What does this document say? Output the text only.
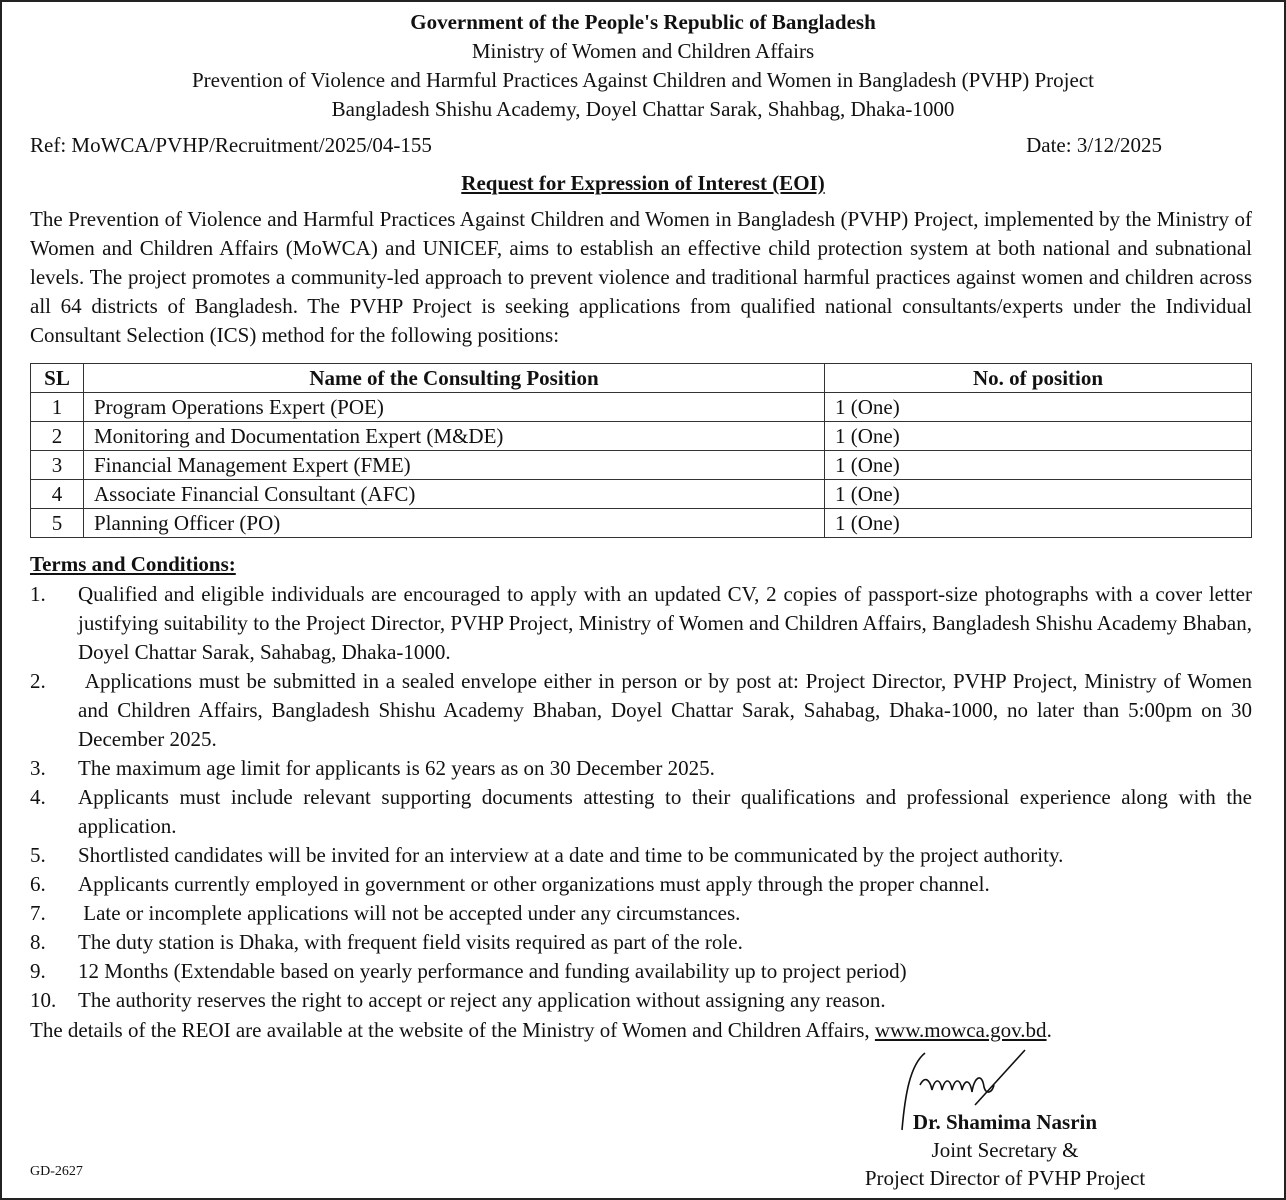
Government of the People's Republic of Bangladesh
Ministry of Women and Children Affairs
Prevention of Violence and Harmful Practices Against Children and Women in Bangladesh (PVHP) Project
Bangladesh Shishu Academy, Doyel Chattar Sarak, Shahbag, Dhaka-1000
Ref: MoWCA/PVHP/Recruitment/2025/04-155	Date: 3/12/2025
Request for Expression of Interest (EOI)
The Prevention of Violence and Harmful Practices Against Children and Women in Bangladesh (PVHP) Project, implemented by the Ministry of Women and Children Affairs (MoWCA) and UNICEF, aims to establish an effective child protection system at both national and subnational levels. The project promotes a community-led approach to prevent violence and traditional harmful practices against women and children across all 64 districts of Bangladesh. The PVHP Project is seeking applications from qualified national consultants/experts under the Individual Consultant Selection (ICS) method for the following positions:
SL	Name of the Consulting Position	No. of position
1	Program Operations Expert (POE)	1 (One)
2	Monitoring and Documentation Expert (M&DE)	1 (One)
3	Financial Management Expert (FME)	1 (One)
4	Associate Financial Consultant (AFC)	1 (One)
5	Planning Officer (PO)	1 (One)
Terms and Conditions:
1.	Qualified and eligible individuals are encouraged to apply with an updated CV, 2 copies of passport-size photographs with a cover letter justifying suitability to the Project Director, PVHP Project, Ministry of Women and Children Affairs, Bangladesh Shishu Academy Bhaban, Doyel Chattar Sarak, Sahabag, Dhaka-1000.
2.	Applications must be submitted in a sealed envelope either in person or by post at: Project Director, PVHP Project, Ministry of Women and Children Affairs, Bangladesh Shishu Academy Bhaban, Doyel Chattar Sarak, Sahabag, Dhaka-1000, no later than 5:00pm on 30 December 2025.
3.	The maximum age limit for applicants is 62 years as on 30 December 2025.
4.	Applicants must include relevant supporting documents attesting to their qualifications and professional experience along with the application.
5.	Shortlisted candidates will be invited for an interview at a date and time to be communicated by the project authority.
6.	Applicants currently employed in government or other organizations must apply through the proper channel.
7.	Late or incomplete applications will not be accepted under any circumstances.
8.	The duty station is Dhaka, with frequent field visits required as part of the role.
9.	12 Months (Extendable based on yearly performance and funding availability up to project period)
10.	The authority reserves the right to accept or reject any application without assigning any reason.
The details of the REOI are available at the website of the Ministry of Women and Children Affairs, www.mowca.gov.bd.
Dr. Shamima Nasrin
Joint Secretary &
Project Director of PVHP Project
GD-2627
